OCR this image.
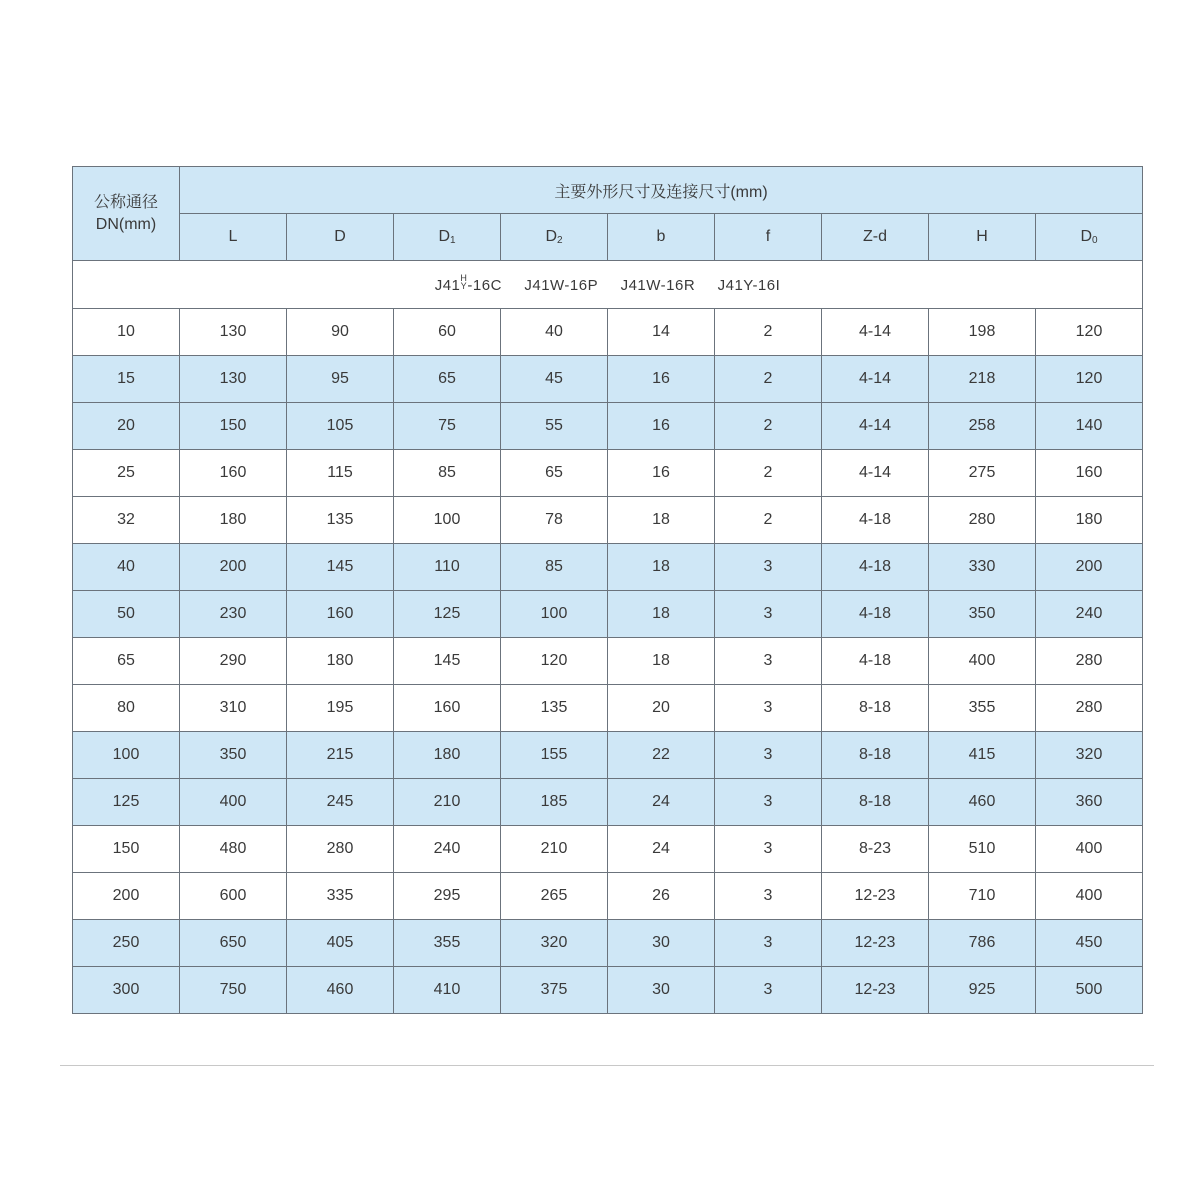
公称通径
DN(mm)	主要外形尺寸及连接尺寸(mm)								
	L	D	$D_1$	$D_2$	b	f	Z-d	H	$D_0$
J41 H
Y -16C J41W-16P J41W-16R J41Y-16I									
10	130	90	60	40	14	2	4-14	198	120
15	130	95	65	45	16	2	4-14	218	120
20	150	105	75	55	16	2	4-14	258	140
25	160	115	85	65	16	2	4-14	275	160
32	180	135	100	78	18	2	4-18	280	180
40	200	145	110	85	18	3	4-18	330	200
50	230	160	125	100	18	3	4-18	350	240
65	290	180	145	120	18	3	4-18	400	280
80	310	195	160	135	20	3	8-18	355	280
100	350	215	180	155	22	3	8-18	415	320
125	400	245	210	185	24	3	8-18	460	360
150	480	280	240	210	24	3	8-23	510	400
200	600	335	295	265	26	3	12-23	710	400
250	650	405	355	320	30	3	12-23	786	450
300	750	460	410	375	30	3	12-23	925	500
